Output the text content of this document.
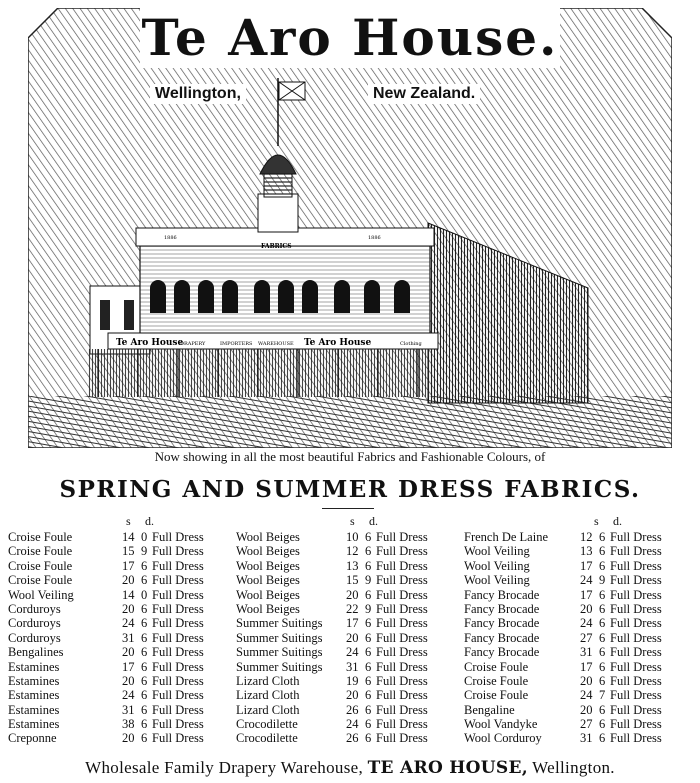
Te Aro House
DRAPERY	IMPORTERS WAREHOUSE Te Aro House	Clothing
FABRICS
1886	1886
Te Aro House.
Wellington,	New Zealand.
Now showing in all the most beautiful Fabrics and Fashionable Colours, of
SPRING AND SUMMER DRESS FABRICS.
s d.	s d.	s d.
Croise Foule	14 0 Full Dress
Croise Foule	15 9 Full Dress
Croise Foule	17 6 Full Dress
Croise Foule	20 6 Full Dress
Wool Veiling	14 0 Full Dress
Corduroys	20 6 Full Dress
Corduroys	24 6 Full Dress
Corduroys	31 6 Full Dress
Bengalines	20 6 Full Dress
Estamines	17 6 Full Dress
Estamines	20 6 Full Dress
Estamines	24 6 Full Dress
Estamines	31 6 Full Dress
Estamines	38 6 Full Dress
Creponne	20 6 Full Dress
Wool Beiges	10 6 Full Dress
Wool Beiges	12 6 Full Dress
Wool Beiges	13 6 Full Dress
Wool Beiges	15 9 Full Dress
Wool Beiges	20 6 Full Dress
Wool Beiges	22 9 Full Dress
Summer Suitings 17 6 Full Dress
Summer Suitings 20 6 Full Dress
Summer Suitings 24 6 Full Dress
Summer Suitings 31 6 Full Dress
Lizard Cloth	19 6 Full Dress
Lizard Cloth	20 6 Full Dress
Lizard Cloth	26 6 Full Dress
Crocodilette	24 6 Full Dress
Crocodilette	26 6 Full Dress
French De Laine	12 6 Full Dress
Wool Veiling	13 6 Full Dress
Wool Veiling	17 6 Full Dress
Wool Veiling	24 9 Full Dress
Fancy Brocade	17 6 Full Dress
Fancy Brocade	20 6 Full Dress
Fancy Brocade	24 6 Full Dress
Fancy Brocade	27 6 Full Dress
Fancy Brocade	31 6 Full Dress
Croise Foule	17 6 Full Dress
Croise Foule	20 6 Full Dress
Croise Foule	24 7 Full Dress
Bengaline	20 6 Full Dress
Wool Vandyke	27 6 Full Dress
Wool Corduroy	31 6 Full Dress
Wholesale Family Drapery Warehouse, TE ARO HOUSE, Wellington.
